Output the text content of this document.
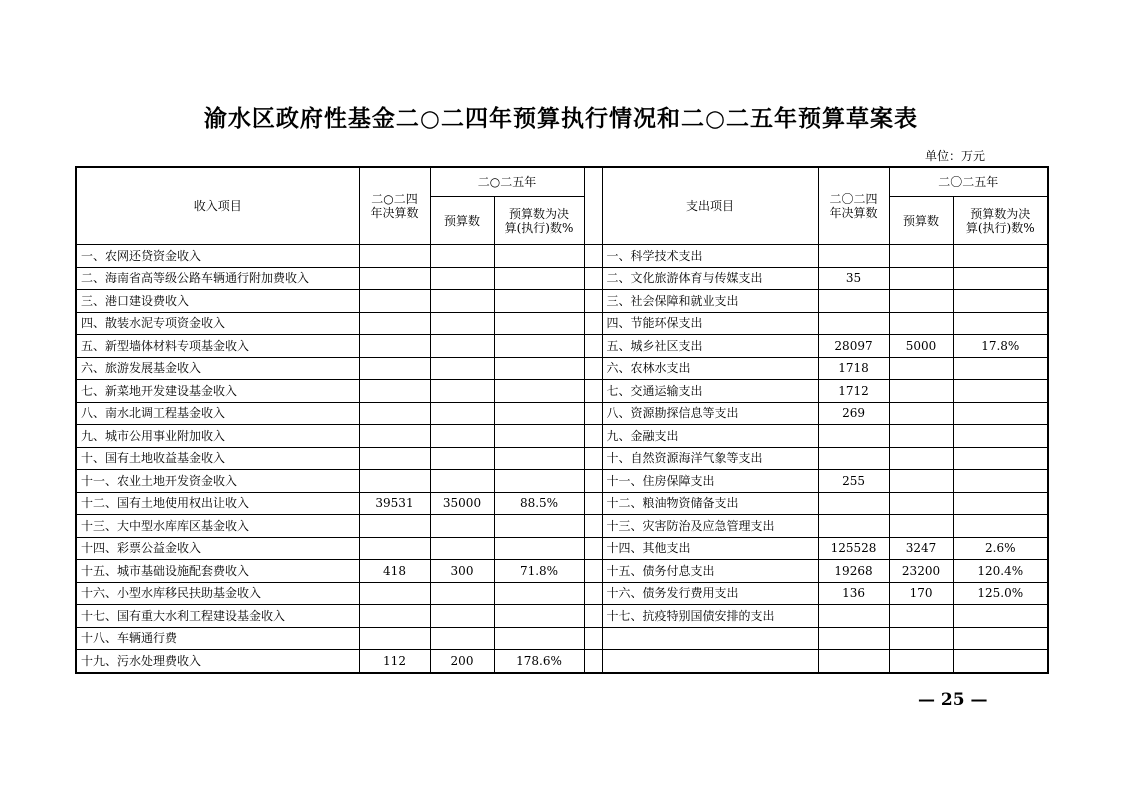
渝水区政府性基金二○二四年预算执行情况和二○二五年预算草案表
单位：万元
收入项目	二○二四
年决算数	二○二五年			支出项目	二〇二四
年决算数	二〇二五年	
		预算数	预算数为决
算(执行)数%				预算数	预算数为决
算(执行)数%
一、农网还贷资金收入					一、科学技术支出			
二、海南省高等级公路车辆通行附加费收入					二、文化旅游体育与传媒支出	35		
三、港口建设费收入					三、社会保障和就业支出			
四、散装水泥专项资金收入					四、节能环保支出			
五、新型墙体材料专项基金收入					五、城乡社区支出	28097	5000	17.8%
六、旅游发展基金收入					六、农林水支出	1718		
七、新菜地开发建设基金收入					七、交通运输支出	1712		
八、南水北调工程基金收入					八、资源勘探信息等支出	269		
九、城市公用事业附加收入					九、金融支出			
十、国有土地收益基金收入					十、自然资源海洋气象等支出			
十一、农业土地开发资金收入					十一、住房保障支出	255		
十二、国有土地使用权出让收入	39531	35000	88.5%		十二、粮油物资储备支出			
十三、大中型水库库区基金收入					十三、灾害防治及应急管理支出			
十四、彩票公益金收入					十四、其他支出	125528	3247	2.6%
十五、城市基础设施配套费收入	418	300	71.8%		十五、债务付息支出	19268	23200	120.4%
十六、小型水库移民扶助基金收入					十六、债务发行费用支出	136	170	125.0%
十七、国有重大水利工程建设基金收入					十七、抗疫特别国债安排的支出			
十八、车辆通行费								
十九、污水处理费收入	112	200	178.6%					
— 25 —
